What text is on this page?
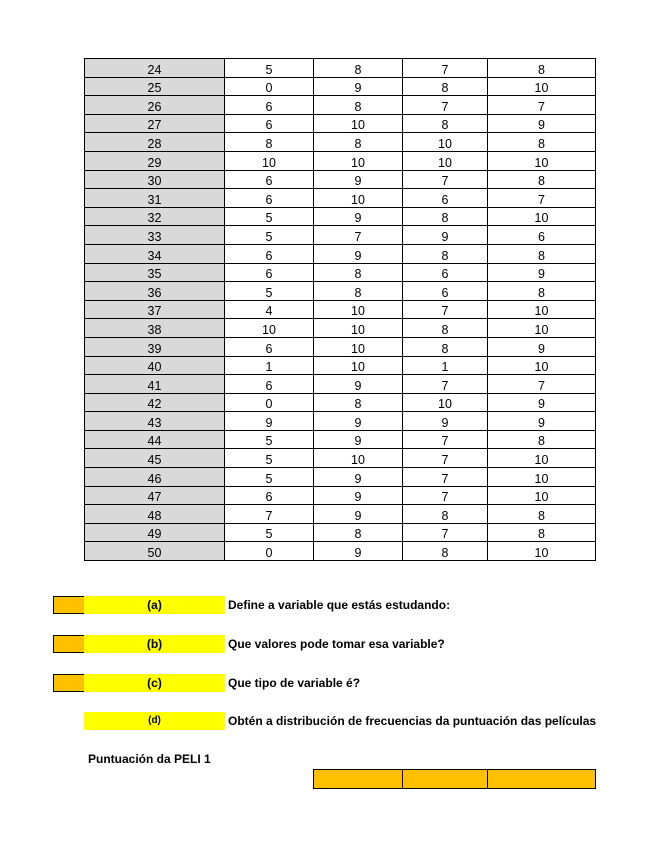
24	5	8	7	8
25	0	9	8	10
26	6	8	7	7
27	6	10	8	9
28	8	8	10	8
29	10	10	10	10
30	6	9	7	8
31	6	10	6	7
32	5	9	8	10
33	5	7	9	6
34	6	9	8	8
35	6	8	6	9
36	5	8	6	8
37	4	10	7	10
38	10	10	8	10
39	6	10	8	9
40	1	10	1	10
41	6	9	7	7
42	0	8	10	9
43	9	9	9	9
44	5	9	7	8
45	5	10	7	10
46	5	9	7	10
47	6	9	7	10
48	7	9	8	8
49	5	8	7	8
50	0	9	8	10
(a)	Define a variable que estás estudando:
(b)	Que valores pode tomar esa variable?
(c)	Que tipo de variable é?
(d)	Obtén a distribución de frecuencias da puntuación das películas
Puntuación da PELI 1
